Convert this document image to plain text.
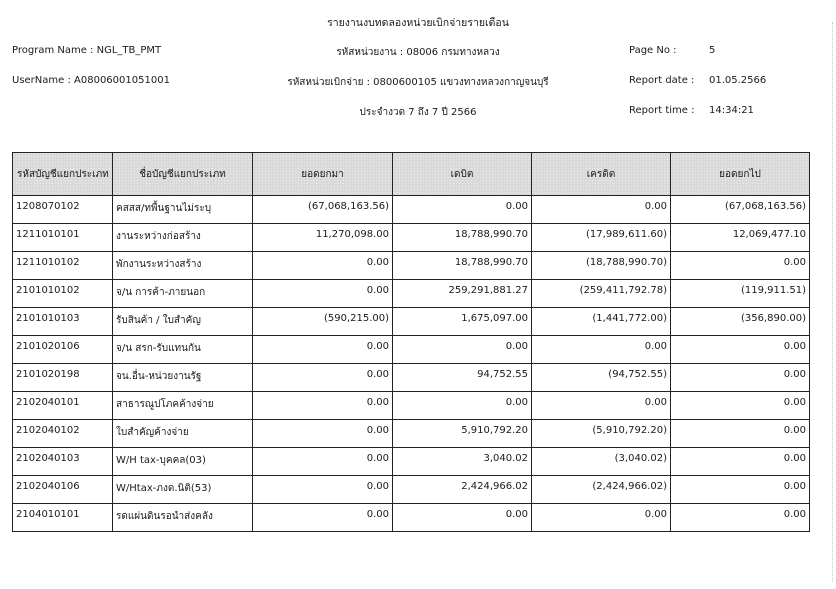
รายงานงบทดลองหน่วยเบิกจ่ายรายเดือน
Program Name : NGL_TB_PMT
UserName : A08006001051001
รหัสหน่วยงาน : 08006 กรมทางหลวง
รหัสหน่วยเบิกจ่าย : 0800600105 แขวงทางหลวงกาญจนบุรี
ประจำงวด 7 ถึง 7 ปี 2566
Page No :	5
Report date : 01.05.2566
Report time : 14:34:21
รหัสบัญชีแยกประเภท	ชื่อบัญชีแยกประเภท	ยอดยกมา	เดบิต	เครดิต	ยอดยกไป
1208070102	คสสส/ทพื้นฐานไม่ระบุ	(67,068,163.56)	0.00	0.00	(67,068,163.56)
1211010101	งานระหว่างก่อสร้าง	11,270,098.00	18,788,990.70	(17,989,611.60)	12,069,477.10
1211010102	พักงานระหว่างสร้าง	0.00	18,788,990.70	(18,788,990.70)	0.00
2101010102	จ/น การค้า-ภายนอก	0.00	259,291,881.27	(259,411,792.78)	(119,911.51)
2101010103	รับสินค้า / ใบสำคัญ	(590,215.00)	1,675,097.00	(1,441,772.00)	(356,890.00)
2101020106	จ/น สรก-รับแทนกัน	0.00	0.00	0.00	0.00
2101020198	จน.อื่น-หน่วยงานรัฐ	0.00	94,752.55	(94,752.55)	0.00
2102040101	สาธารณูปโภคค้างจ่าย	0.00	0.00	0.00	0.00
2102040102	ใบสำคัญค้างจ่าย	0.00	5,910,792.20	(5,910,792.20)	0.00
2102040103	W/H tax-บุคคล(03)	0.00	3,040.02	(3,040.02)	0.00
2102040106	W/Htax-ภงด.นิติ(53)	0.00	2,424,966.02	(2,424,966.02)	0.00
2104010101	รดแผ่นดินรอนำส่งคลัง	0.00	0.00	0.00	0.00
